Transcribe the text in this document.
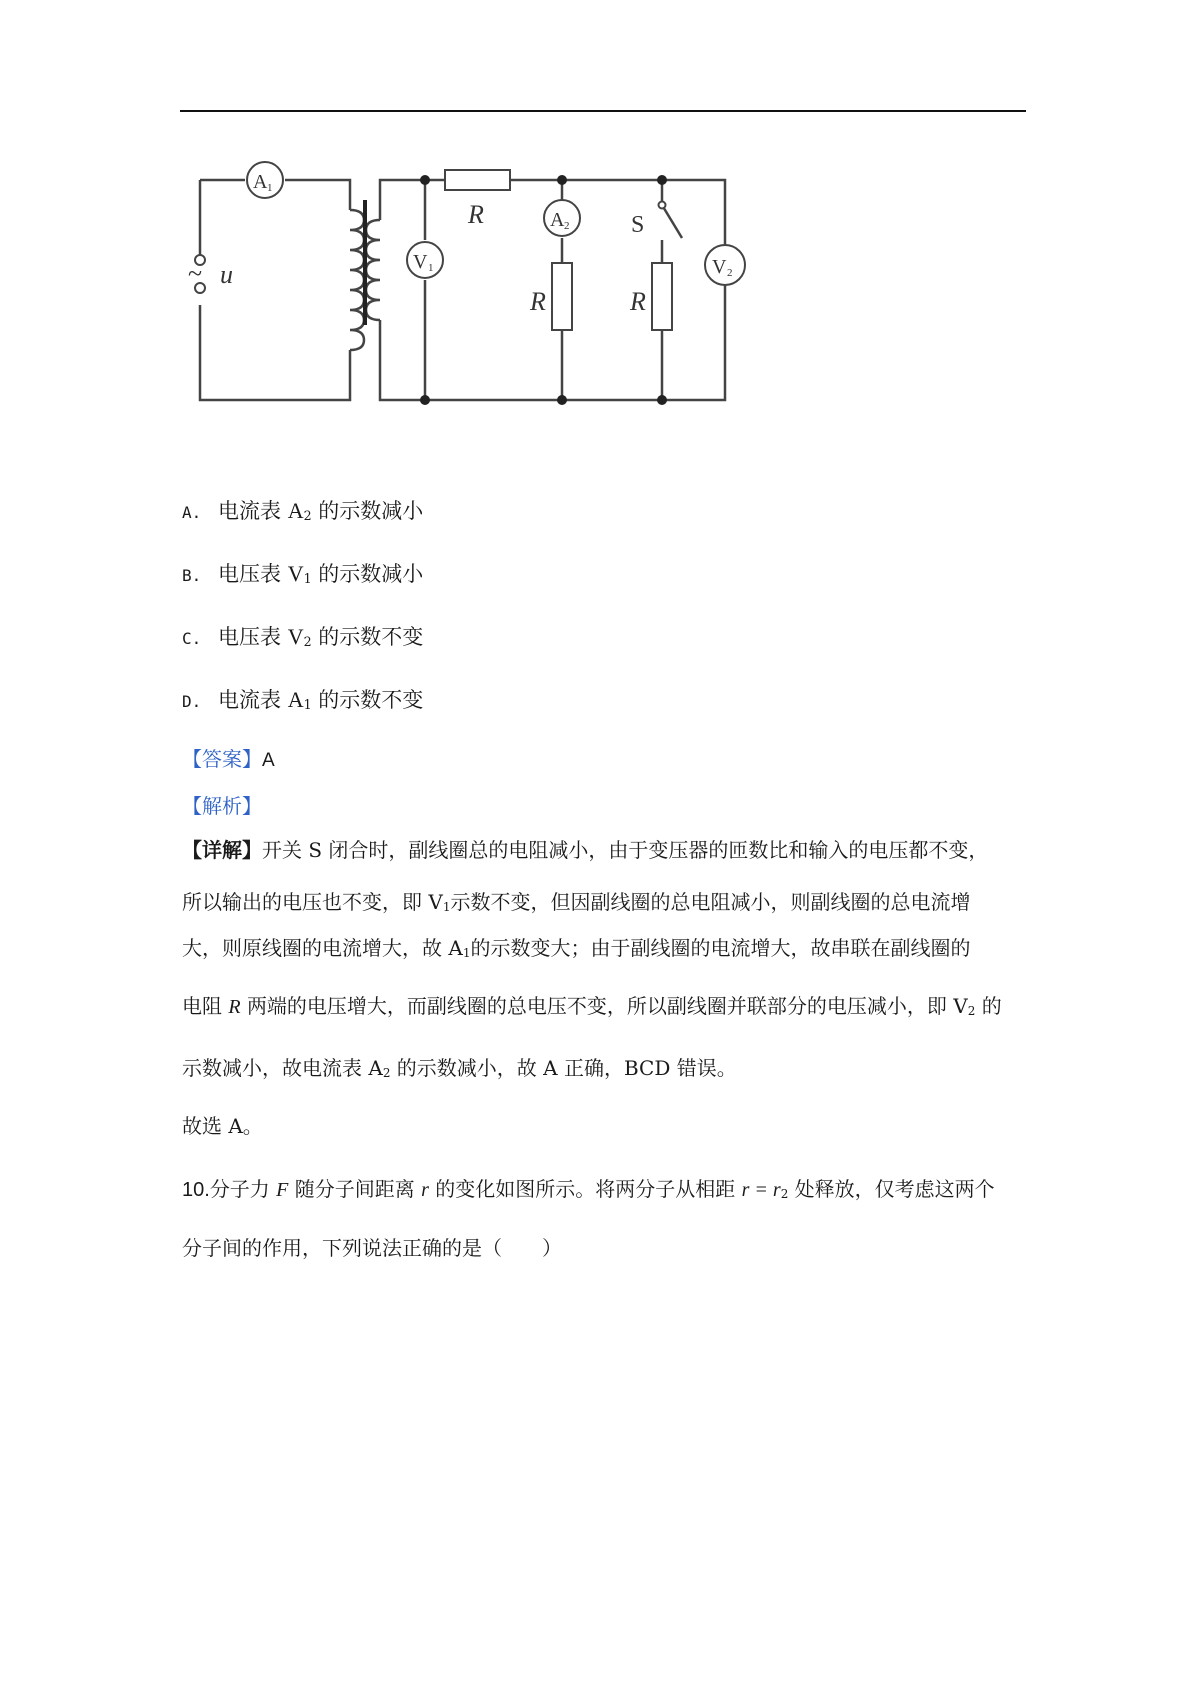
~ u
A 1
V 1
R	A 2
R
S
R
V 2
A. 电流表 $A_2$ 的示数减小
B. 电压表 $V_1$ 的示数减小
C. 电压表 $V_2$ 的示数不变
D. 电流表 $A_1$ 的示数不变
【答案】A
【解析】
【详解】开关 S 闭合时，副线圈总的电阻减小，由于变压器的匝数比和输入的电压都不变，
所以输出的电压也不变，即 $V_1$示数不变，但因副线圈的总电阻减小，则副线圈的总电流增
大，则原线圈的电流增大，故 $A_1$的示数变大；由于副线圈的电流增大，故串联在副线圈的
电阻 R 两端的电压增大，而副线圈的总电压不变，所以副线圈并联部分的电压减小，即 $V_2$ 的
示数减小，故电流表 $A_2$ 的示数减小，故 A 正确，BCD 错误。
故选 A。
10.分子力 F 随分子间距离 r 的变化如图所示。将两分子从相距 $r = r_2$ 处释放，仅考虑这两个
分子间的作用，下列说法正确的是（　　）
